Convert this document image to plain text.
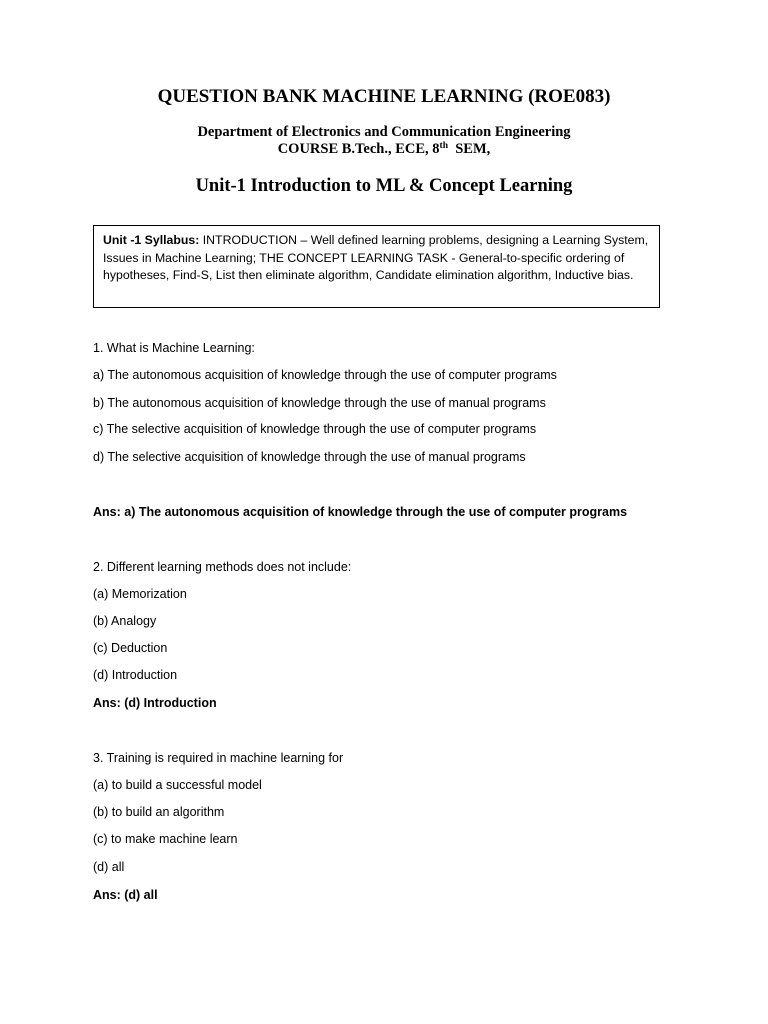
QUESTION BANK MACHINE LEARNING (ROE083)
Department of Electronics and Communication Engineering
COURSE B.Tech., ECE, 8th  SEM,
Unit-1 Introduction to ML & Concept Learning
Unit -1 Syllabus: INTRODUCTION – Well defined learning problems, designing a Learning System, Issues in Machine Learning; THE CONCEPT LEARNING TASK - General-to-specific ordering of hypotheses, Find-S, List then eliminate algorithm, Candidate elimination algorithm, Inductive bias.
1. What is Machine Learning:
a) The autonomous acquisition of knowledge through the use of computer programs
b) The autonomous acquisition of knowledge through the use of manual programs
c) The selective acquisition of knowledge through the use of computer programs
d) The selective acquisition of knowledge through the use of manual programs
Ans: a) The autonomous acquisition of knowledge through the use of computer programs
2. Different learning methods does not include:
(a) Memorization
(b) Analogy
(c) Deduction
(d) Introduction
Ans: (d) Introduction
3. Training is required in machine learning for
(a) to build a successful model
(b) to build an algorithm
(c) to make machine learn
(d) all
Ans: (d) all
